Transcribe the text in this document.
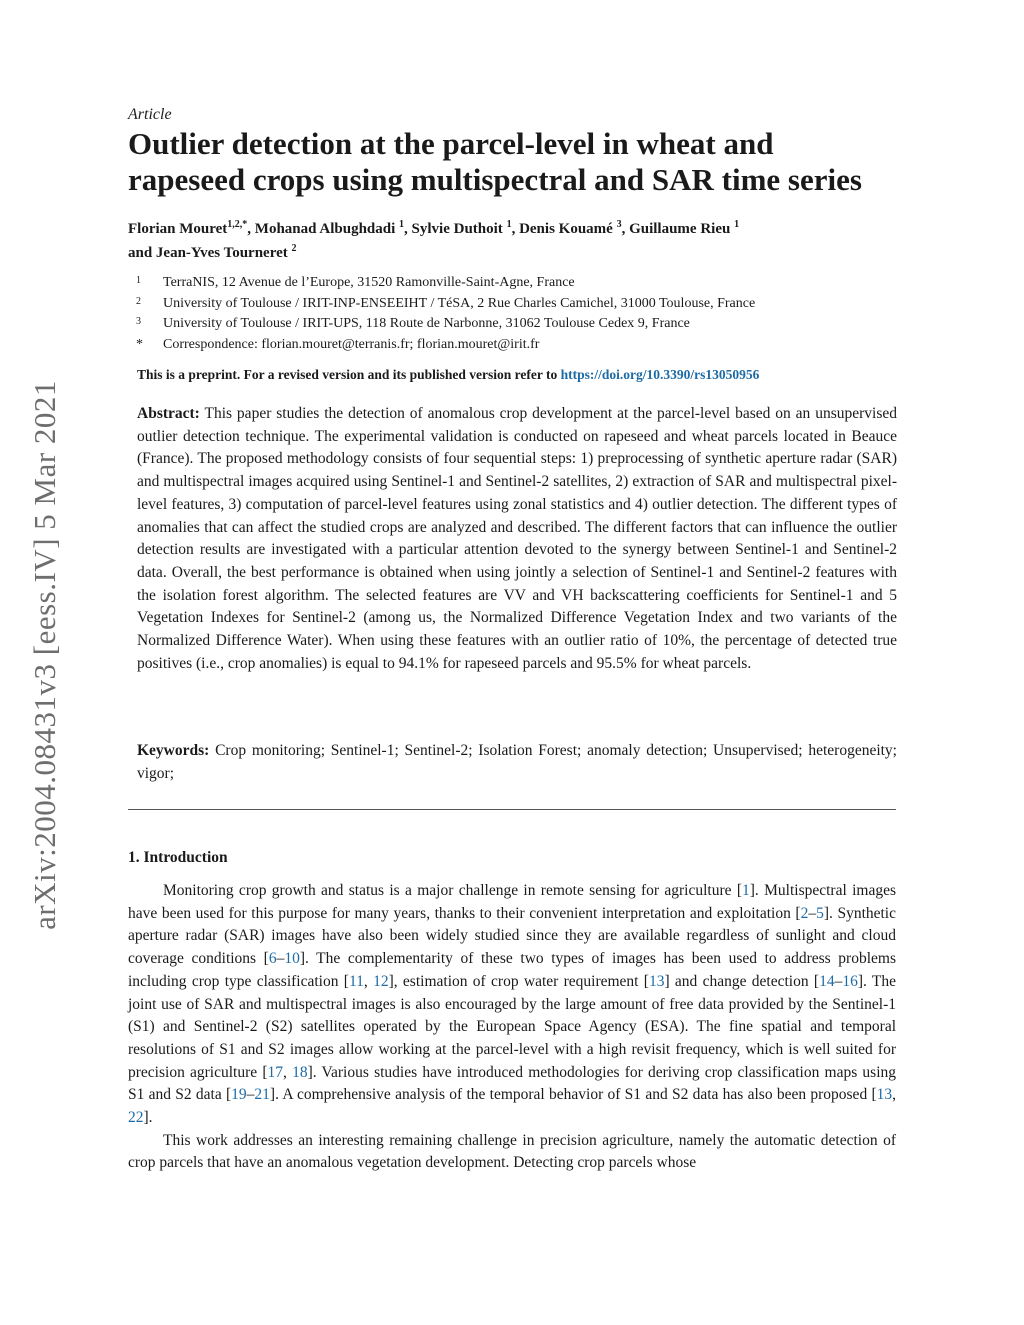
arXiv:2004.08431v3 [eess.IV] 5 Mar 2021
Article
Outlier detection at the parcel-level in wheat and
rapeseed crops using multispectral and SAR time series
Florian Mouret$^{1,2,*}$, Mohanad Albughdadi $^1$, Sylvie Duthoit $^1$, Denis Kouamé $^3$, Guillaume Rieu $^1$
and Jean-Yves Tourneret $^2$
1 TerraNIS, 12 Avenue de l’Europe, 31520 Ramonville-Saint-Agne, France
2 University of Toulouse / IRIT-INP-ENSEEIHT / TéSA, 2 Rue Charles Camichel, 31000 Toulouse, France
3 University of Toulouse / IRIT-UPS, 118 Route de Narbonne, 31062 Toulouse Cedex 9, France
* Correspondence: florian.mouret@terranis.fr; florian.mouret@irit.fr
This is a preprint. For a revised version and its published version refer to https://doi.org/10.3390/rs13050956

Abstract: This paper studies the detection of anomalous crop development at the parcel-level based on an unsupervised outlier detection technique. The experimental validation is conducted on rapeseed and wheat parcels located in Beauce (France). The proposed methodology consists of four sequential steps: 1) preprocessing of synthetic aperture radar (SAR) and multispectral images acquired using Sentinel-1 and Sentinel-2 satellites, 2) extraction of SAR and multispectral pixel-level features, 3) computation of parcel-level features using zonal statistics and 4) outlier detection. The different types of anomalies that can affect the studied crops are analyzed and described. The different factors that can influence the outlier detection results are investigated with a particular attention devoted to the synergy between Sentinel-1 and Sentinel-2 data. Overall, the best performance is obtained when using jointly a selection of Sentinel-1 and Sentinel-2 features with the isolation forest algorithm. The selected features are VV and VH backscattering coefficients for Sentinel-1 and 5 Vegetation Indexes for Sentinel-2 (among us, the Normalized Difference Vegetation Index and two variants of the Normalized Difference Water). When using these features with an outlier ratio of 10%, the percentage of detected true positives (i.e., crop anomalies) is equal to 94.1% for rapeseed parcels and 95.5% for wheat parcels.

Keywords: Crop monitoring; Sentinel-1; Sentinel-2; Isolation Forest; anomaly detection; Unsupervised; heterogeneity; vigor;

1. Introduction

Monitoring crop growth and status is a major challenge in remote sensing for agriculture [1]. Multispectral images have been used for this purpose for many years, thanks to their convenient interpretation and exploitation [2–5]. Synthetic aperture radar (SAR) images have also been widely studied since they are available regardless of sunlight and cloud coverage conditions [6–10]. The complementarity of these two types of images has been used to address problems including crop type classification [11, 12], estimation of crop water requirement [13] and change detection [14–16]. The joint use of SAR and multispectral images is also encouraged by the large amount of free data provided by the Sentinel-1 (S1) and Sentinel-2 (S2) satellites operated by the European Space Agency (ESA). The fine spatial and temporal resolutions of S1 and S2 images allow working at the parcel-level with a high revisit frequency, which is well suited for precision agriculture [17, 18]. Various studies have introduced methodologies for deriving crop classification maps using S1 and S2 data [19–21]. A comprehensive analysis of the temporal behavior of S1 and S2 data has also been proposed [13, 22].

This work addresses an interesting remaining challenge in precision agriculture, namely the automatic detection of crop parcels that have an anomalous vegetation development. Detecting crop parcels whose
